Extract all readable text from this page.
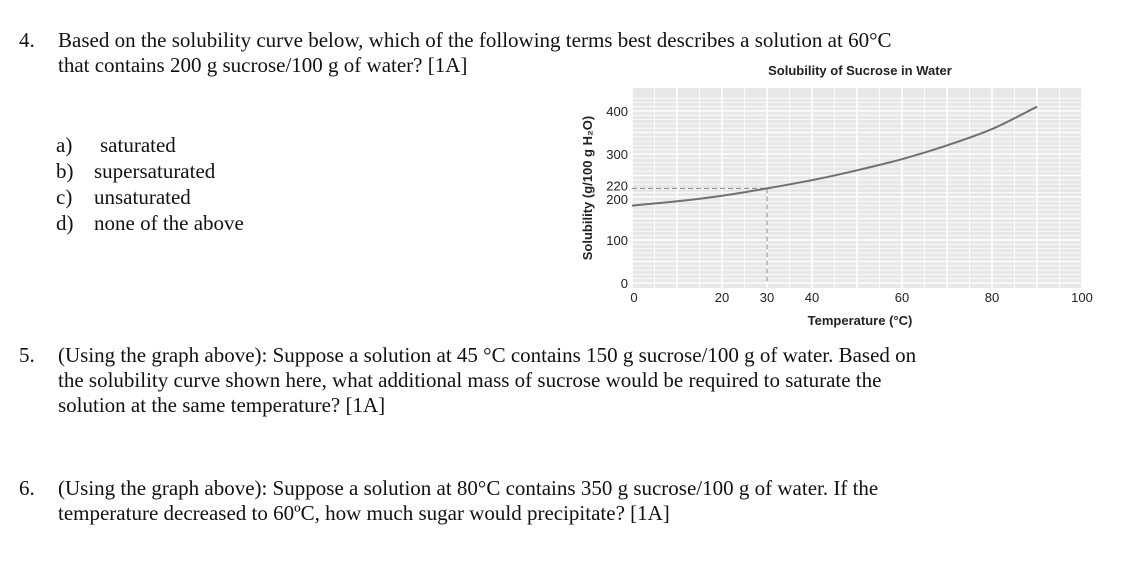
4. Based on the solubility curve below, which of the following terms best describes a solution at 60°C
that contains 200 g sucrose/100 g of water? [1A]
a) saturated
b) supersaturated
c) unsaturated
d) none of the above
Solubility of Sucrose in Water
0
100
200
220
300
400
0	20 30 40	60	80	100
Solubility (g/100 g H₂O)
Temperature (°C)
5. (Using the graph above): Suppose a solution at 45 °C contains 150 g sucrose/100 g of water. Based on
the solubility curve shown here, what additional mass of sucrose would be required to saturate the
solution at the same temperature? [1A]
6. (Using the graph above): Suppose a solution at 80°C contains 350 g sucrose/100 g of water. If the
temperature decreased to 60ºC, how much sugar would precipitate? [1A]
